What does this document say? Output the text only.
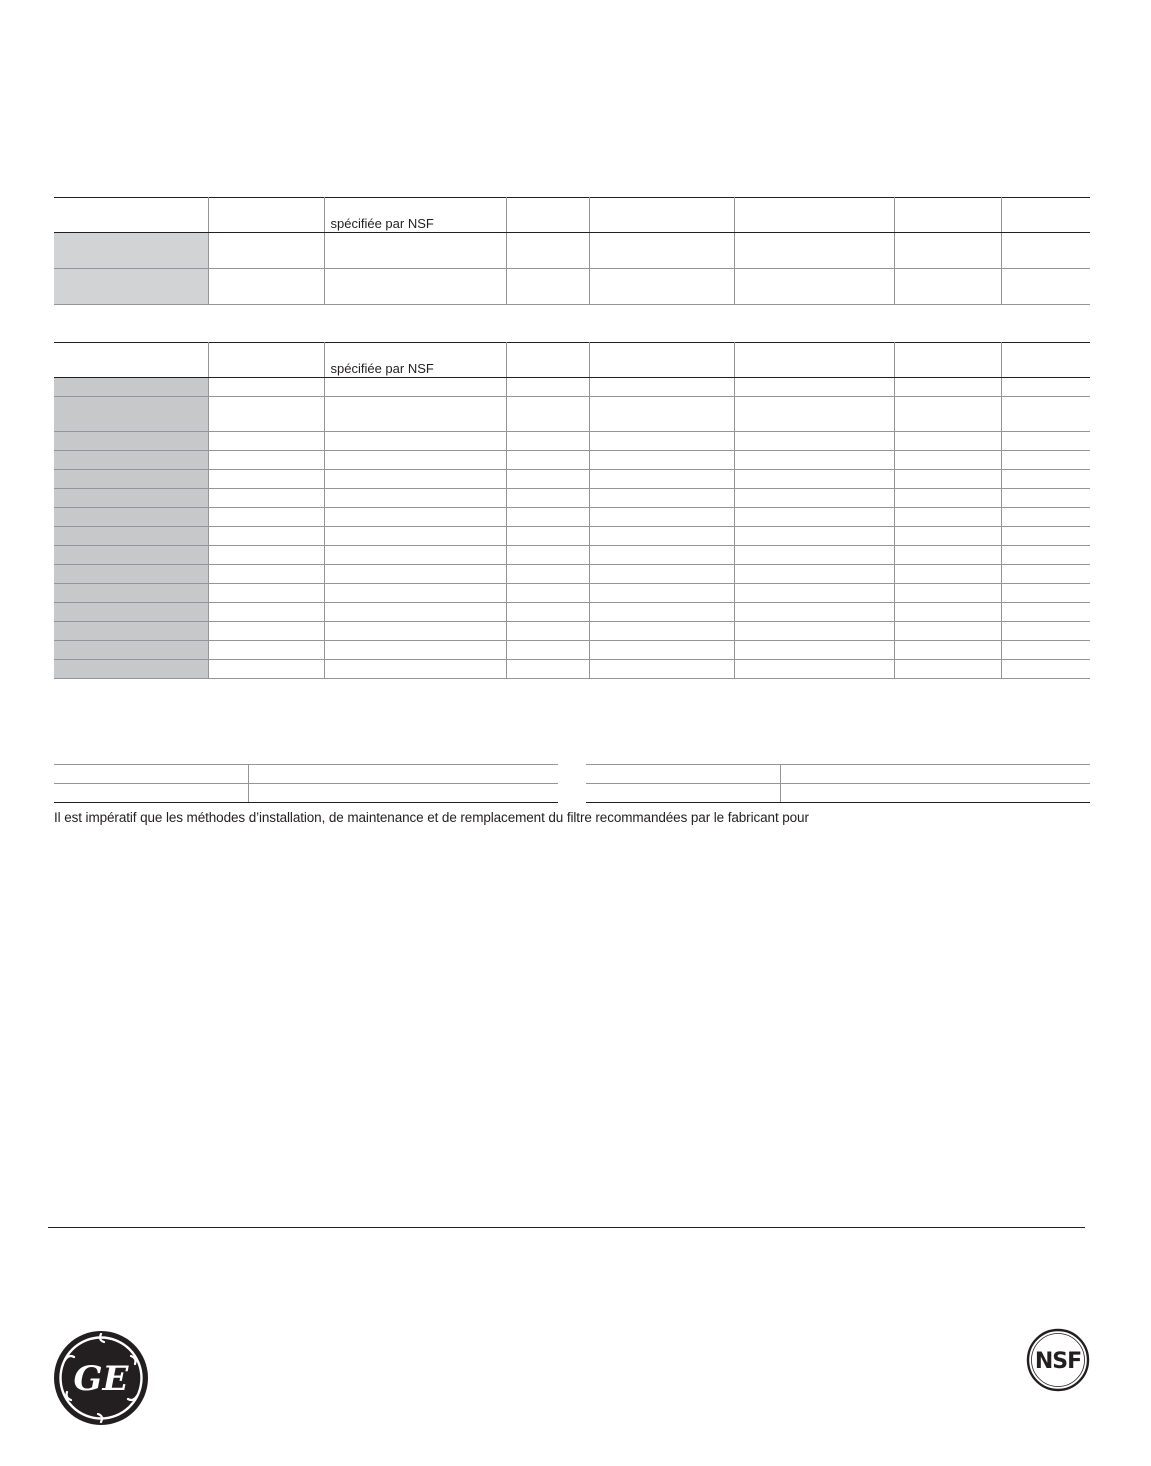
		spécifiée par NSF					

		spécifiée par NSF					

Il est impératif que les méthodes d’installation, de maintenance et de remplacement du filtre recommandées par le fabricant pour
GE	NSF
